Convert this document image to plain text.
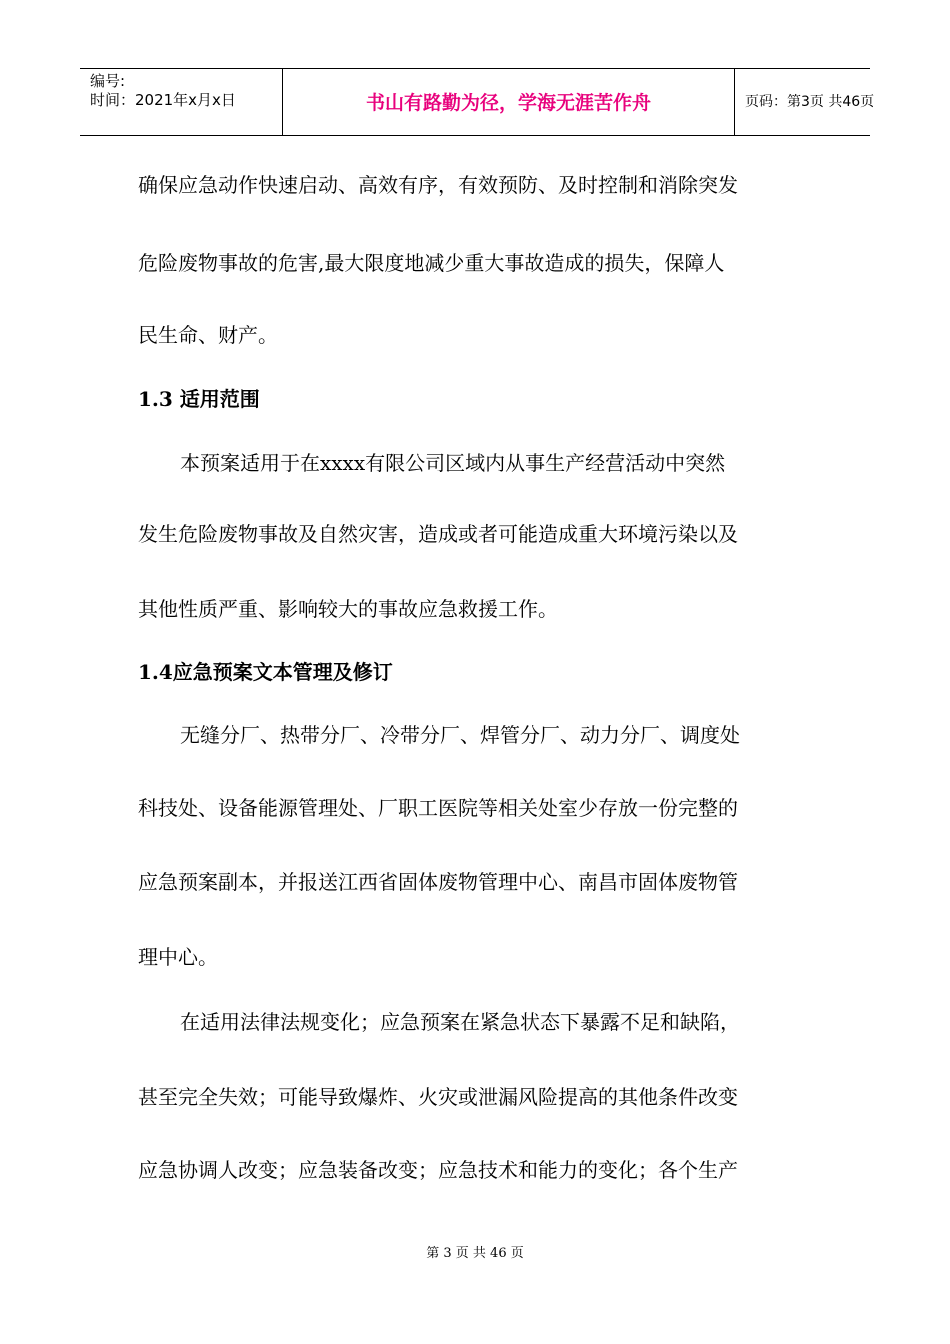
编号:
时间：2021年x月x日	书山有路勤为径，学海无涯苦作舟	页码：第3页 共46页
确保应急动作快速启动、高效有序，有效预防、及时控制和消除突发
危险废物事故的危害,最大限度地减少重大事故造成的损失，保障人
民生命、财产。
1.3 适用范围
本预案适用于在xxxx有限公司区域内从事生产经营活动中突然
发生危险废物事故及自然灾害，造成或者可能造成重大环境污染以及
其他性质严重、影响较大的事故应急救援工作。
1.4应急预案文本管理及修订
无缝分厂、热带分厂、冷带分厂、焊管分厂、动力分厂、调度处
科技处、设备能源管理处、厂职工医院等相关处室少存放一份完整的
应急预案副本，并报送江西省固体废物管理中心、南昌市固体废物管
理中心。
在适用法律法规变化；应急预案在紧急状态下暴露不足和缺陷，
甚至完全失效；可能导致爆炸、火灾或泄漏风险提高的其他条件改变
应急协调人改变；应急装备改变；应急技术和能力的变化；各个生产
第 3 页 共 46 页
